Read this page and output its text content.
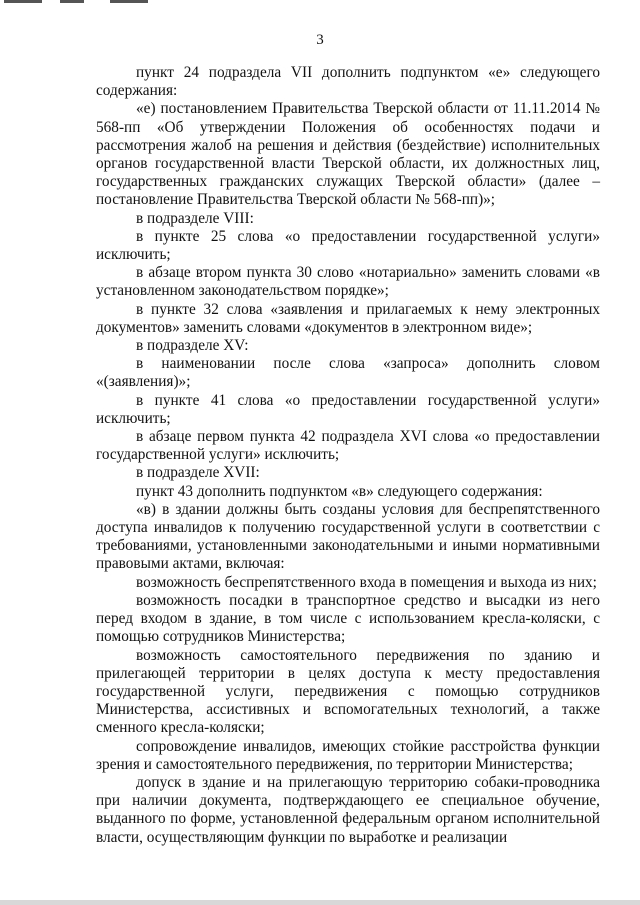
3

пункт 24 подраздела VII дополнить подпунктом «е» следующего содержания:

«е) постановлением Правительства Тверской области от 11.11.2014 № 568-пп «Об утверждении Положения об особенностях подачи и рассмотрения жалоб на решения и действия (бездействие) исполнительных органов государственной власти Тверской области, их должностных лиц, государственных гражданских служащих Тверской области» (далее – постановление Правительства Тверской области № 568-пп)»;

в подразделе VIII:

в пункте 25 слова «о предоставлении государственной услуги» исключить;

в абзаце втором пункта 30 слово «нотариально» заменить словами «в установленном законодательством порядке»;

в пункте 32 слова «заявления и прилагаемых к нему электронных документов» заменить словами «документов в электронном виде»;

в подразделе XV:

в наименовании после слова «запроса» дополнить словом «(заявления)»;

в пункте 41 слова «о предоставлении государственной услуги» исключить;

в абзаце первом пункта 42 подраздела XVI слова «о предоставлении государственной услуги» исключить;

в подразделе XVII:

пункт 43 дополнить подпунктом «в» следующего содержания:

«в) в здании должны быть созданы условия для беспрепятственного доступа инвалидов к получению государственной услуги в соответствии с требованиями, установленными законодательными и иными нормативными правовыми актами, включая:

возможность беспрепятственного входа в помещения и выхода из них;

возможность посадки в транспортное средство и высадки из него перед входом в здание, в том числе с использованием кресла-коляски, с помощью сотрудников Министерства;

возможность самостоятельного передвижения по зданию и прилегающей территории в целях доступа к месту предоставления государственной услуги, передвижения с помощью сотрудников Министерства, ассистивных и вспомогательных технологий, а также сменного кресла-коляски;

сопровождение инвалидов, имеющих стойкие расстройства функции зрения и самостоятельного передвижения, по территории Министерства;

допуск в здание и на прилегающую территорию собаки-проводника при наличии документа, подтверждающего ее специальное обучение, выданного по форме, установленной федеральным органом исполнительной власти, осуществляющим функции по выработке и реализации
